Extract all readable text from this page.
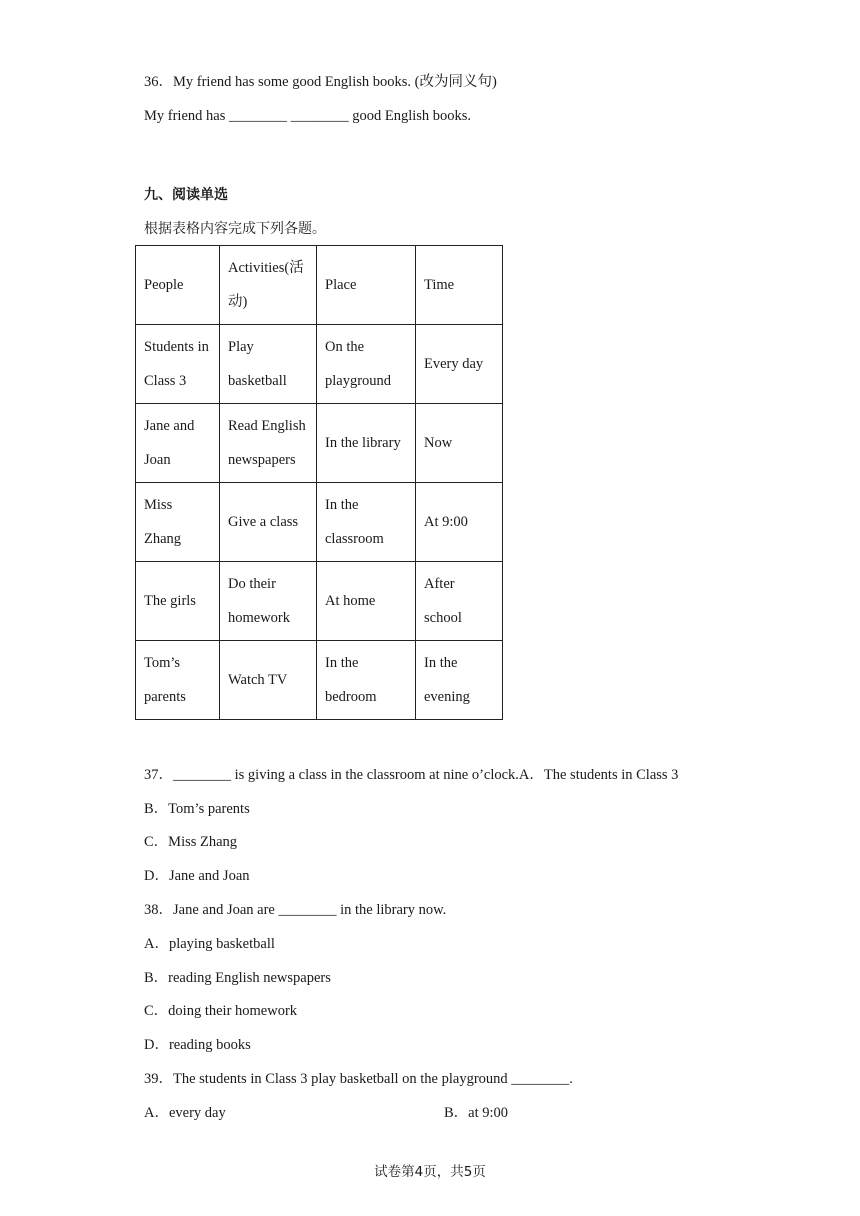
36．My friend has some good English books. (改为同义句)
My friend has ________ ________ good English books.
九、阅读单选
根据表格内容完成下列各题。
People	Activities(活动)	Place	Time
Students in Class 3	Play basketball	On the playground	Every day
Jane and Joan	Read English newspapers	In the library	Now
Miss Zhang	Give a class	In the classroom	At 9:00
The girls	Do their homework	At home	After school
Tom’s parents	Watch TV	In the bedroom	In the evening
37．________ is giving a class in the classroom at nine o’clock.A．The students in Class 3
B．Tom’s parents
C．Miss Zhang
D．Jane and Joan
38．Jane and Joan are ________ in the library now.
A．playing basketball
B．reading English newspapers
C．doing their homework
D．reading books
39．The students in Class 3 play basketball on the playground ________.
A．every day	B．at 9:00
试卷第4页，共5页
